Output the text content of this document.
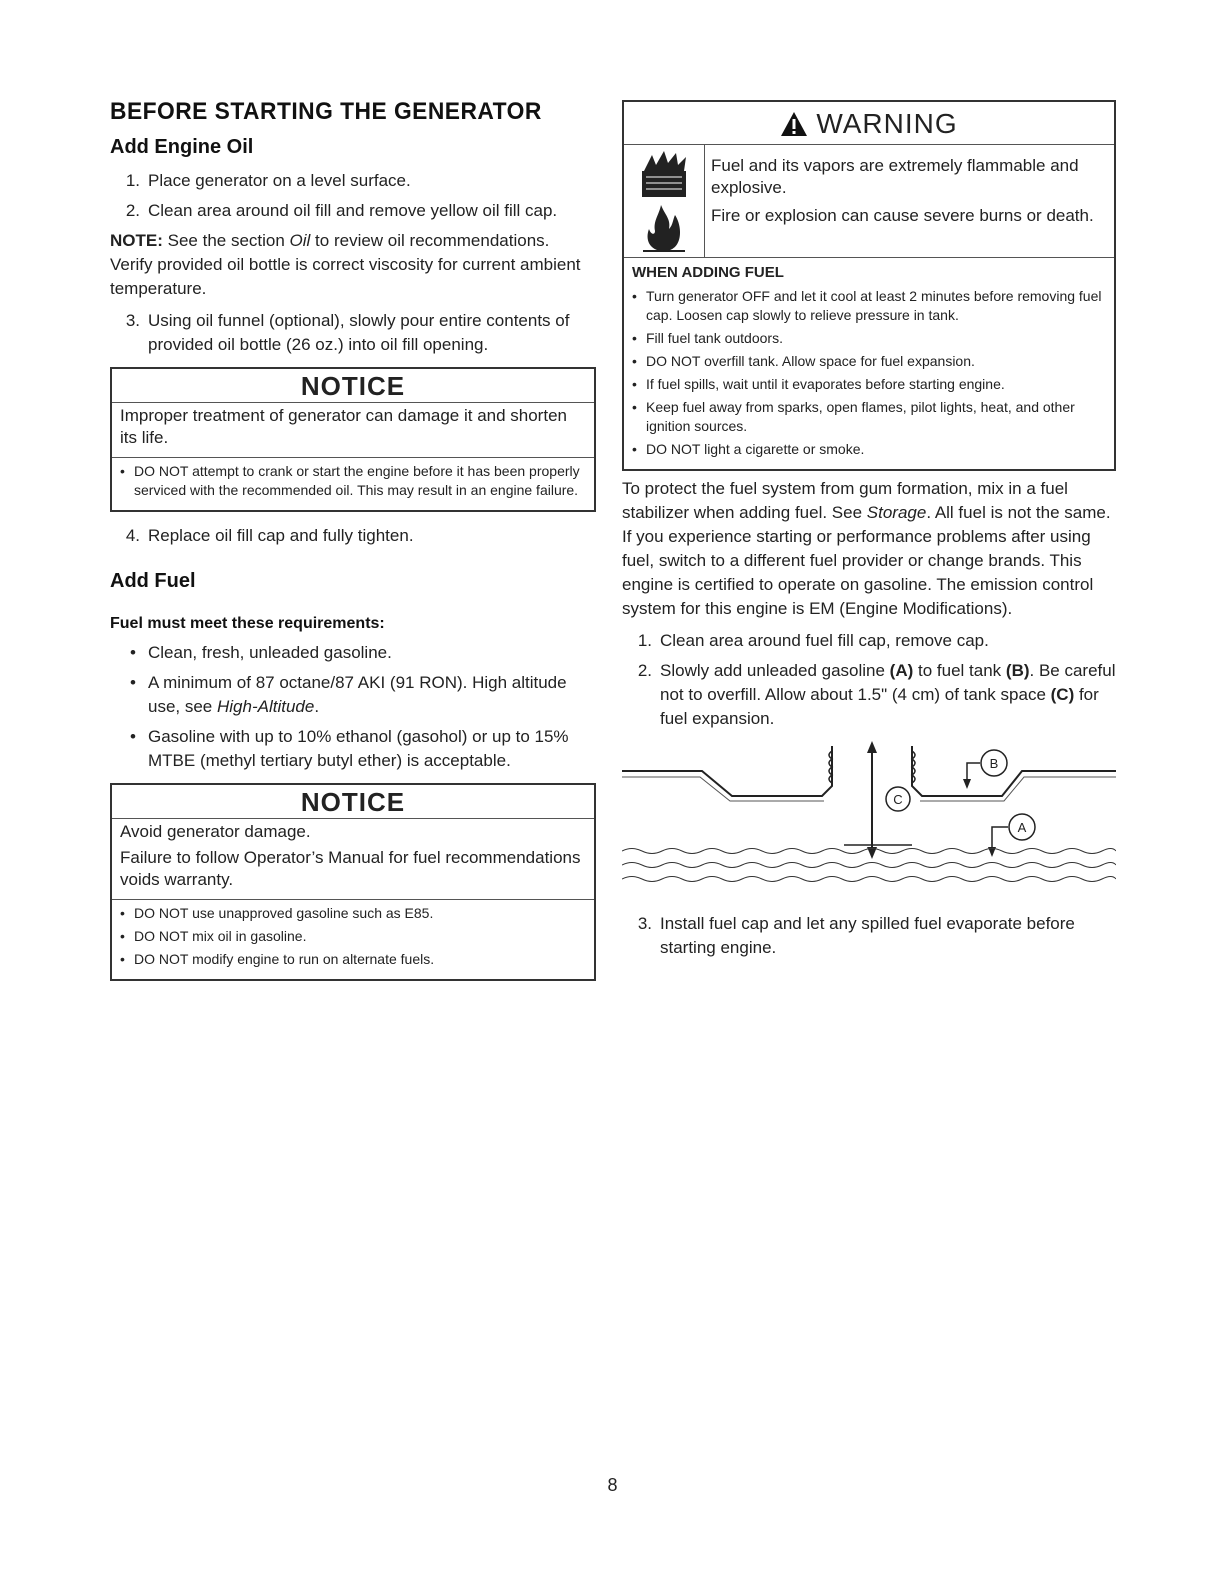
BEFORE STARTING THE GENERATOR
Add Engine Oil
1. Place generator on a level surface.
2. Clean area around oil fill and remove yellow oil fill cap.
NOTE: See the section Oil to review oil recommendations. Verify provided oil bottle is correct viscosity for current ambient temperature.
3. Using oil funnel (optional), slowly pour entire contents of provided oil bottle (26 oz.) into oil fill opening.
NOTICE

Improper treatment of generator can damage it and shorten its life.

• DO NOT attempt to crank or start the engine before it has been properly serviced with the recommended oil. This may result in an engine failure.
4. Replace oil fill cap and fully tighten.
Add Fuel
Fuel must meet these requirements:
• Clean, fresh, unleaded gasoline.
• A minimum of 87 octane/87 AKI (91 RON). High altitude use, see High-Altitude.
• Gasoline with up to 10% ethanol (gasohol) or up to 15% MTBE (methyl tertiary butyl ether) is acceptable.
NOTICE

Avoid generator damage.

Failure to follow Operator’s Manual for fuel recommendations voids warranty.

• DO NOT use unapproved gasoline such as E85.
• DO NOT mix oil in gasoline.
• DO NOT modify engine to run on alternate fuels.
WARNING

Fuel and its vapors are extremely flammable and explosive.

Fire or explosion can cause severe burns or death.

WHEN ADDING FUEL
• Turn generator OFF and let it cool at least 2 minutes before removing fuel cap. Loosen cap slowly to relieve pressure in tank.
• Fill fuel tank outdoors.
• DO NOT overfill tank. Allow space for fuel expansion.
• If fuel spills, wait until it evaporates before starting engine.
• Keep fuel away from sparks, open flames, pilot lights, heat, and other ignition sources.
• DO NOT light a cigarette or smoke.
To protect the fuel system from gum formation, mix in a fuel stabilizer when adding fuel. See Storage. All fuel is not the same. If you experience starting or performance problems after using fuel, switch to a different fuel provider or change brands. This engine is certified to operate on gasoline. The emission control system for this engine is EM (Engine Modifications).
1. Clean area around fuel fill cap, remove cap.
2. Slowly add unleaded gasoline (A) to fuel tank (B). Be careful not to overfill. Allow about 1.5" (4 cm) of tank space (C) for fuel expansion.
C
B
A
3. Install fuel cap and let any spilled fuel evaporate before starting engine.
8
